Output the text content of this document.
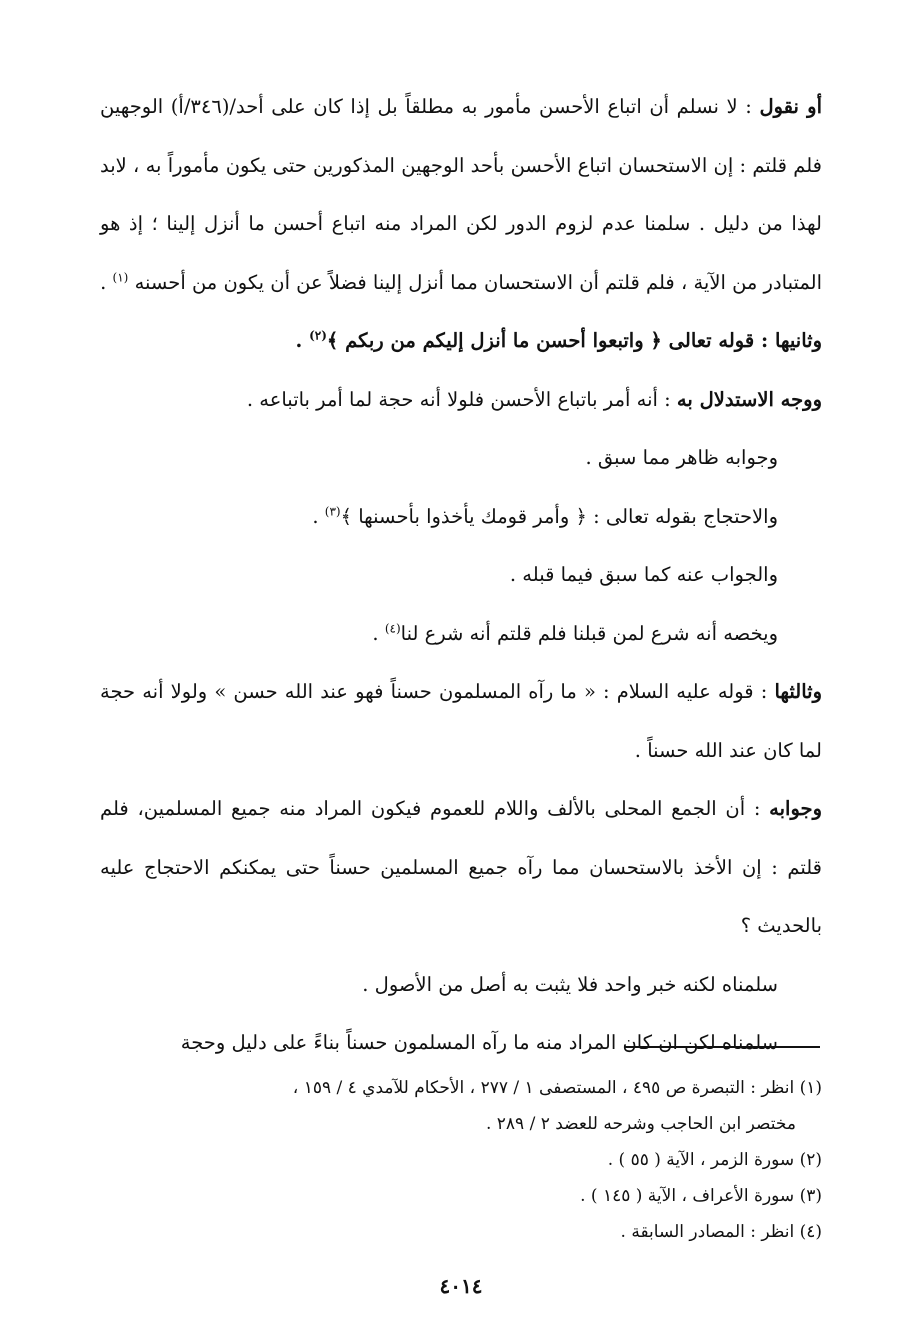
أو نقول : لا نسلم أن اتباع الأحسن مأمور به مطلقاً بل إذا كان على أحد/(٣٤٦/أ) الوجهين فلم قلتم : إن الاستحسان اتباع الأحسن بأحد الوجهين المذكورين حتى يكون مأموراً به ، لابد لهذا من دليل . سلمنا عدم لزوم الدور لكن المراد منه اتباع أحسن ما أنزل إلينا ؛ إذ هو المتبادر من الآية ، فلم قلتم أن الاستحسان مما أنزل إلينا فضلاً عن أن يكون من أحسنه $^{(١)}$ .

وثانيها : قوله تعالى ﴿ واتبعوا أحسن ما أنزل إليكم من ربكم ﴾$^{(٢)}$ .

ووجه الاستدلال به : أنه أمر باتباع الأحسن فلولا أنه حجة لما أمر باتباعه .

وجوابه ظاهر مما سبق .

والاحتجاج بقوله تعالى : ﴿ وأمر قومك يأخذوا بأحسنها ﴾$^{(٣)}$ .

والجواب عنه كما سبق فيما قبله .

ويخصه أنه شرع لمن قبلنا فلم قلتم أنه شرع لنا$^{(٤)}$ .

وثالثها : قوله عليه السلام : « ما رآه المسلمون حسناً فهو عند الله حسن » ولولا أنه حجة لما كان عند الله حسناً .

وجوابه : أن الجمع المحلى بالألف واللام للعموم فيكون المراد منه جميع المسلمين، فلم قلتم : إن الأخذ بالاستحسان مما رآه جميع المسلمين حسناً حتى يمكنكم الاحتجاج عليه بالحديث ؟

سلمناه لكنه خبر واحد فلا يثبت به أصل من الأصول .

سلمناه لكن ان كان المراد منه ما رآه المسلمون حسناً بناءً على دليل وحجة

(١) انظر : التبصرة ص ٤٩٥ ، المستصفى ١ / ٢٧٧ ، الأحكام للآمدي ٤ / ١٥٩ ،

مختصر ابن الحاجب وشرحه للعضد ٢ / ٢٨٩ .

(٢) سورة الزمر ، الآية ( ٥٥ ) .

(٣) سورة الأعراف ، الآية ( ١٤٥ ) .

(٤) انظر : المصادر السابقة .

٤٠١٤
